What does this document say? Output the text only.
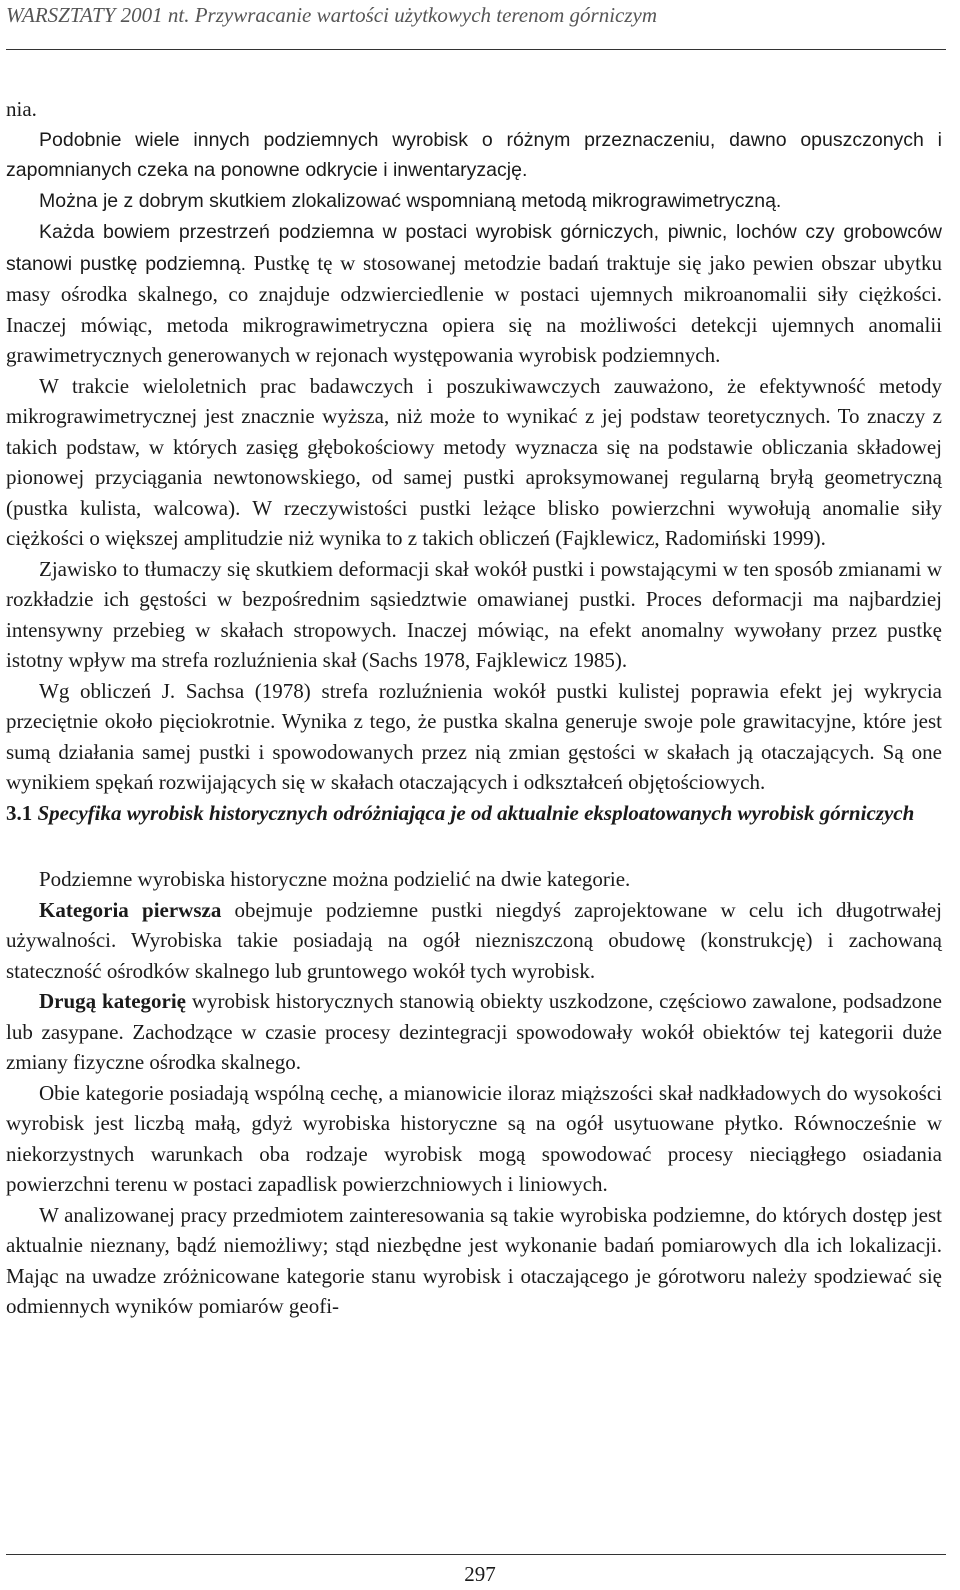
WARSZTATY 2001 nt. Przywracanie wartości użytkowych terenom górniczym

nia.

Podobnie wiele innych podziemnych wyrobisk o różnym przeznaczeniu, dawno opuszczonych i zapomnianych czeka na ponowne odkrycie i inwentaryzację.

Można je z dobrym skutkiem zlokalizować wspomnianą metodą mikrograwimetryczną.

Każda bowiem przestrzeń podziemna w postaci wyrobisk górniczych, piwnic, lochów czy grobowców stanowi pustkę podziemną. Pustkę tę w stosowanej metodzie badań traktuje się jako pewien obszar ubytku masy ośrodka skalnego, co znajduje odzwierciedlenie w postaci ujemnych mikroanomalii siły ciężkości. Inaczej mówiąc, metoda mikrograwimetryczna opiera się na możliwości detekcji ujemnych anomalii grawimetrycznych generowanych w rejonach występowania wyrobisk podziemnych.

W trakcie wieloletnich prac badawczych i poszukiwawczych zauważono, że efektywność metody mikrograwimetrycznej jest znacznie wyższa, niż może to wynikać z jej podstaw teoretycznych. To znaczy z takich podstaw, w których zasięg głębokościowy metody wyznacza się na podstawie obliczania składowej pionowej przyciągania newtonowskiego, od samej pustki aproksymowanej regularną bryłą geometryczną (pustka kulista, walcowa). W rzeczywistości pustki leżące blisko powierzchni wywołują anomalie siły ciężkości o większej amplitudzie niż wynika to z takich obliczeń (Fajklewicz, Radomiński 1999).

Zjawisko to tłumaczy się skutkiem deformacji skał wokół pustki i powstającymi w ten sposób zmianami w rozkładzie ich gęstości w bezpośrednim sąsiedztwie omawianej pustki. Proces deformacji ma najbardziej intensywny przebieg w skałach stropowych. Inaczej mówiąc, na efekt anomalny wywołany przez pustkę istotny wpływ ma strefa rozluźnienia skał (Sachs 1978, Fajklewicz 1985).

Wg obliczeń J. Sachsa (1978) strefa rozluźnienia wokół pustki kulistej poprawia efekt jej wykrycia przeciętnie około pięciokrotnie. Wynika z tego, że pustka skalna generuje swoje pole grawitacyjne, które jest sumą działania samej pustki i spowodowanych przez nią zmian gęstości w skałach ją otaczających. Są one wynikiem spękań rozwijających się w skałach otaczających i odkształceń objętościowych.

3.1 Specyfika wyrobisk historycznych odróżniająca je od aktualnie eksploatowanych wyrobisk górniczych

Podziemne wyrobiska historyczne można podzielić na dwie kategorie.

Kategoria pierwsza obejmuje podziemne pustki niegdyś zaprojektowane w celu ich długotrwałej używalności. Wyrobiska takie posiadają na ogół niezniszczoną obudowę (konstrukcję) i zachowaną stateczność ośrodków skalnego lub gruntowego wokół tych wyrobisk.

Drugą kategorię wyrobisk historycznych stanowią obiekty uszkodzone, częściowo zawalone, podsadzone lub zasypane. Zachodzące w czasie procesy dezintegracji spowodowały wokół obiektów tej kategorii duże zmiany fizyczne ośrodka skalnego.

Obie kategorie posiadają wspólną cechę, a mianowicie iloraz miąższości skał nadkładowych do wysokości wyrobisk jest liczbą małą, gdyż wyrobiska historyczne są na ogół usytuowane płytko. Równocześnie w niekorzystnych warunkach oba rodzaje wyrobisk mogą spowodować procesy nieciągłego osiadania powierzchni terenu w postaci zapadlisk powierzchniowych i liniowych.

W analizowanej pracy przedmiotem zainteresowania są takie wyrobiska podziemne, do których dostęp jest aktualnie nieznany, bądź niemożliwy; stąd niezbędne jest wykonanie badań pomiarowych dla ich lokalizacji. Mając na uwadze zróżnicowane kategorie stanu wyrobisk i otaczającego je górotworu należy spodziewać się odmiennych wyników pomiarów geofi-

297
